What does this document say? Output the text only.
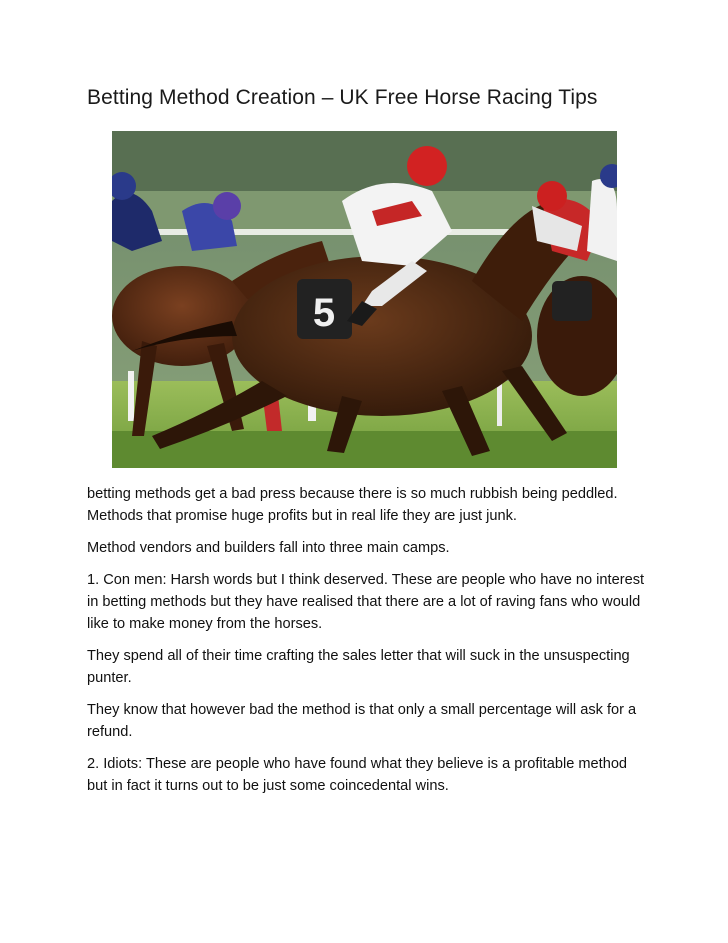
Betting Method Creation – UK Free Horse Racing Tips
5

betting methods get a bad press because there is so much rubbish being peddled. Methods that promise huge profits but in real life they are just junk.

Method vendors and builders fall into three main camps.

1. Con men: Harsh words but I think deserved. These are people who have no interest in betting methods but they have realised that there are a lot of raving fans who would like to make money from the horses.

They spend all of their time crafting the sales letter that will suck in the unsuspecting punter.

They know that however bad the method is that only a small percentage will ask for a refund.

2. Idiots: These are people who have found what they believe is a profitable method but in fact it turns out to be just some coincedental wins.
